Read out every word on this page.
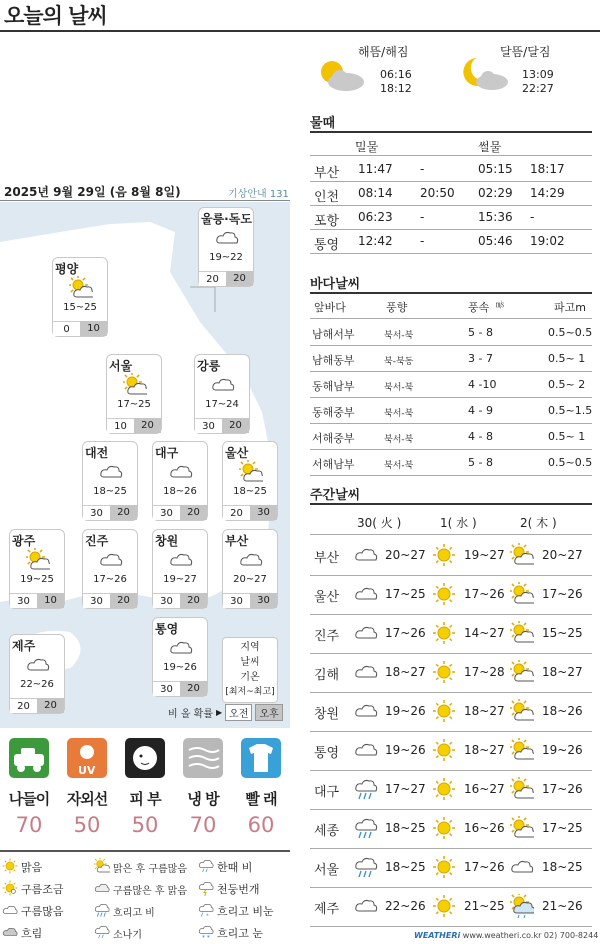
오늘의 날씨
2025년 9월 29일 (음 8월 8일)	기상안내 131
울릉·독도
19~22
20	20
평양
15~25
0	10
서울
17~25
10	20
강릉
17~24
30	20
대전
18~25
30	20
대구
18~26
30	20
울산
18~25
20	30
광주
19~25
30	10
진주
17~26
30	20
창원
19~27
30	20
부산
20~27
30	30
통영
19~26
30	20
제주
22~26
20	20
지역
날씨
기온
[최저~최고]
비 올 확률 ▶ 오전	오후
나들이
70
UV
자외선
50
피 부
50
냉 방
70
빨 래
60
맑음	맑은 후 구름많음	한때 비
구름조금	구름많은 후 맑음	천둥번개
구름많음	흐리고 비	* 흐리고 비눈
흐림	소나기	* * 흐리고 눈
해뜸/해짐
06:16
18:12
달뜸/달짐
13:09
22:27
물때
밀물	썰물
부산 11:47 -	05:15 18:17
인천 08:14 20:50 02:29 14:29
포항 06:23 -	15:36 -
통영 12:42 -	05:46 19:02
바다날씨
앞바다	풍향	풍속 ㎧	파고m
남해서부	북서-북	5 - 8	0.5~0.5
남해동부	북-북동	3 - 7	0.5~ 1
동해남부	북서-북	4 -10	0.5~ 2
동해중부	북서-북	4 - 9	0.5~1.5
서해중부	북서-북	4 - 8	0.5~ 1
서해남부	북서-북	5 - 8	0.5~0.5
주간날씨
30( 火 )	1( 水 )	2( 木 )
부산	20~27	19~27	20~27
울산	17~25	17~26	17~26
진주	17~26	14~27	15~25
김해	18~27	17~28	18~27
창원	19~26	18~27	18~26
통영	19~26	18~27	19~26
대구	17~27	16~27	17~26
세종	18~25	16~26	17~25
서울	18~25	17~26	18~25
제주	22~26	21~25	21~26
WEATHERi www.weatheri.co.kr 02) 700-8244
